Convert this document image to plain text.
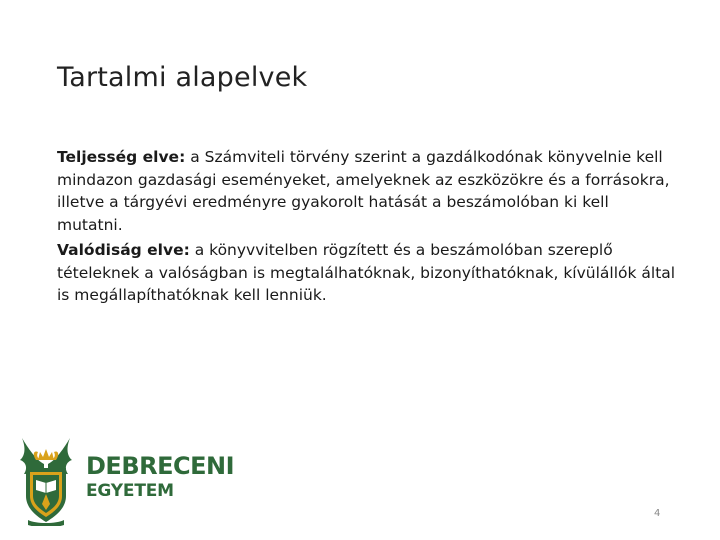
Tartalmi alapelvek

Teljesség elve: a Számviteli törvény szerint a gazdálkodónak könyvelnie kell mindazon gazdasági eseményeket, amelyeknek az eszközökre és a forrásokra, illetve a tárgyévi eredményre gyakorolt hatását a beszámolóban ki kell mutatni.

Valódiság elve: a könyvvitelben rögzített és a beszámolóban szereplő tételeknek a valóságban is megtalálhatóknak, bizonyíthatóknak, kívülállók által is megállapíthatóknak kell lenniük.

DEBRECENI
EGYETEM
4
